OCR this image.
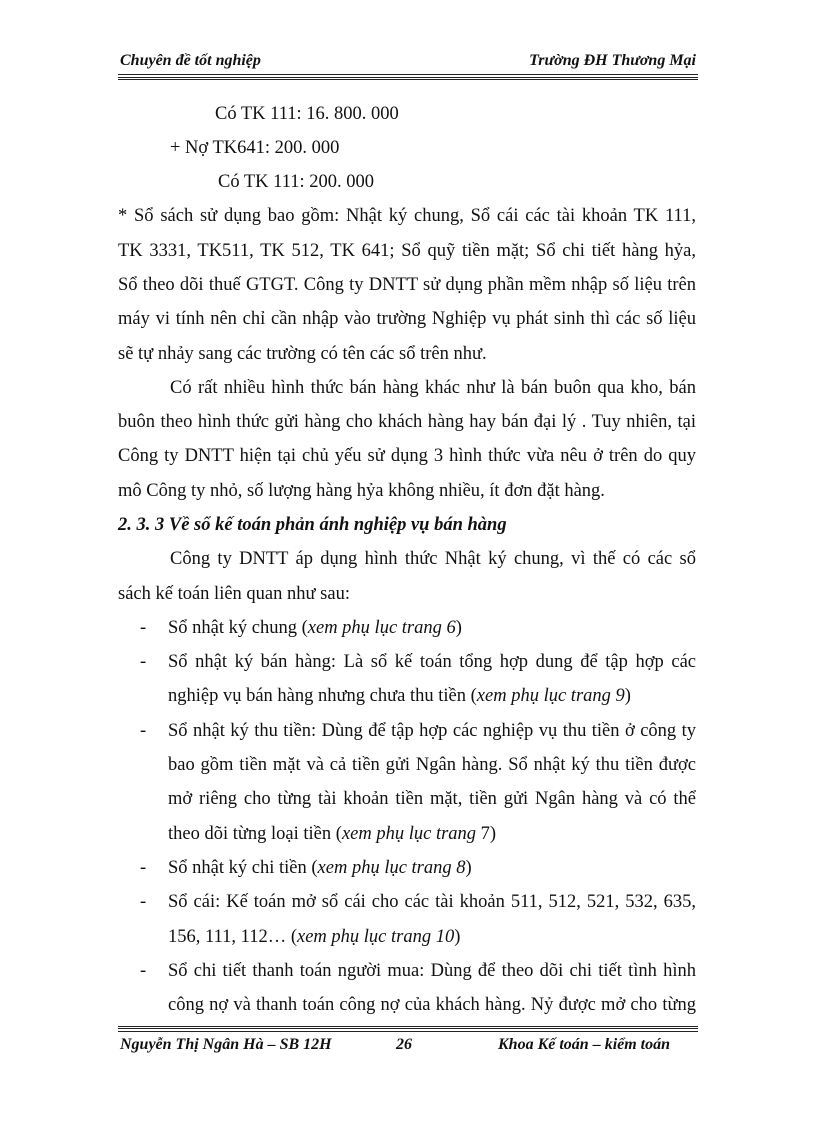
Chuyên đề tốt nghiệp	Trường ĐH Thương Mại
Có TK 111: 16. 800. 000
+ Nợ TK641: 200. 000
Có TK 111: 200. 000
* Sổ sách sử dụng bao gồm: Nhật ký chung, Sổ cái các tài khoản TK 111,
TK 3331, TK511, TK 512, TK 641; Sổ quỹ tiền mặt; Sổ chi tiết hàng hỷa,
Sổ theo dõi thuế GTGT. Công ty DNTT sử dụng phần mềm nhập số liệu trên
máy vi tính nên chỉ cần nhập vào trường Nghiệp vụ phát sinh thì các số liệu
sẽ tự nhảy sang các trường có tên các sổ trên như.
Có rất nhiều hình thức bán hàng khác như là bán buôn qua kho, bán
buôn theo hình thức gửi hàng cho khách hàng hay bán đại lý . Tuy nhiên, tại
Công ty DNTT hiện tại chủ yếu sử dụng 3 hình thức vừa nêu ở trên do quy
mô Công ty nhỏ, số lượng hàng hỷa không nhiều, ít đơn đặt hàng.
2. 3. 3 Về sổ kế toán phản ánh nghiệp vụ bán hàng
Công ty DNTT áp dụng hình thức Nhật ký chung, vì thế có các sổ
sách kế toán liên quan như sau:
- Sổ nhật ký chung (xem phụ lục trang 6)
- Sổ nhật ký bán hàng: Là sổ kế toán tổng hợp dung để tập hợp các
nghiệp vụ bán hàng nhưng chưa thu tiền (xem phụ lục trang 9)
- Sổ nhật ký thu tiền: Dùng để tập hợp các nghiệp vụ thu tiền ở công ty
bao gồm tiền mặt và cả tiền gửi Ngân hàng. Sổ nhật ký thu tiền được
mở riêng cho từng tài khoản tiền mặt, tiền gửi Ngân hàng và có thể
theo dõi từng loại tiền (xem phụ lục trang 7)
- Sổ nhật ký chi tiền (xem phụ lục trang 8)
- Sổ cái: Kế toán mở sổ cái cho các tài khoản 511, 512, 521, 532, 635,
156, 111, 112… (xem phụ lục trang 10)
- Sổ chi tiết thanh toán người mua: Dùng để theo dõi chi tiết tình hình
công nợ và thanh toán công nợ của khách hàng. Nỷ được mở cho từng
Nguyễn Thị Ngân Hà – SB 12H	26	Khoa Kế toán – kiểm toán
